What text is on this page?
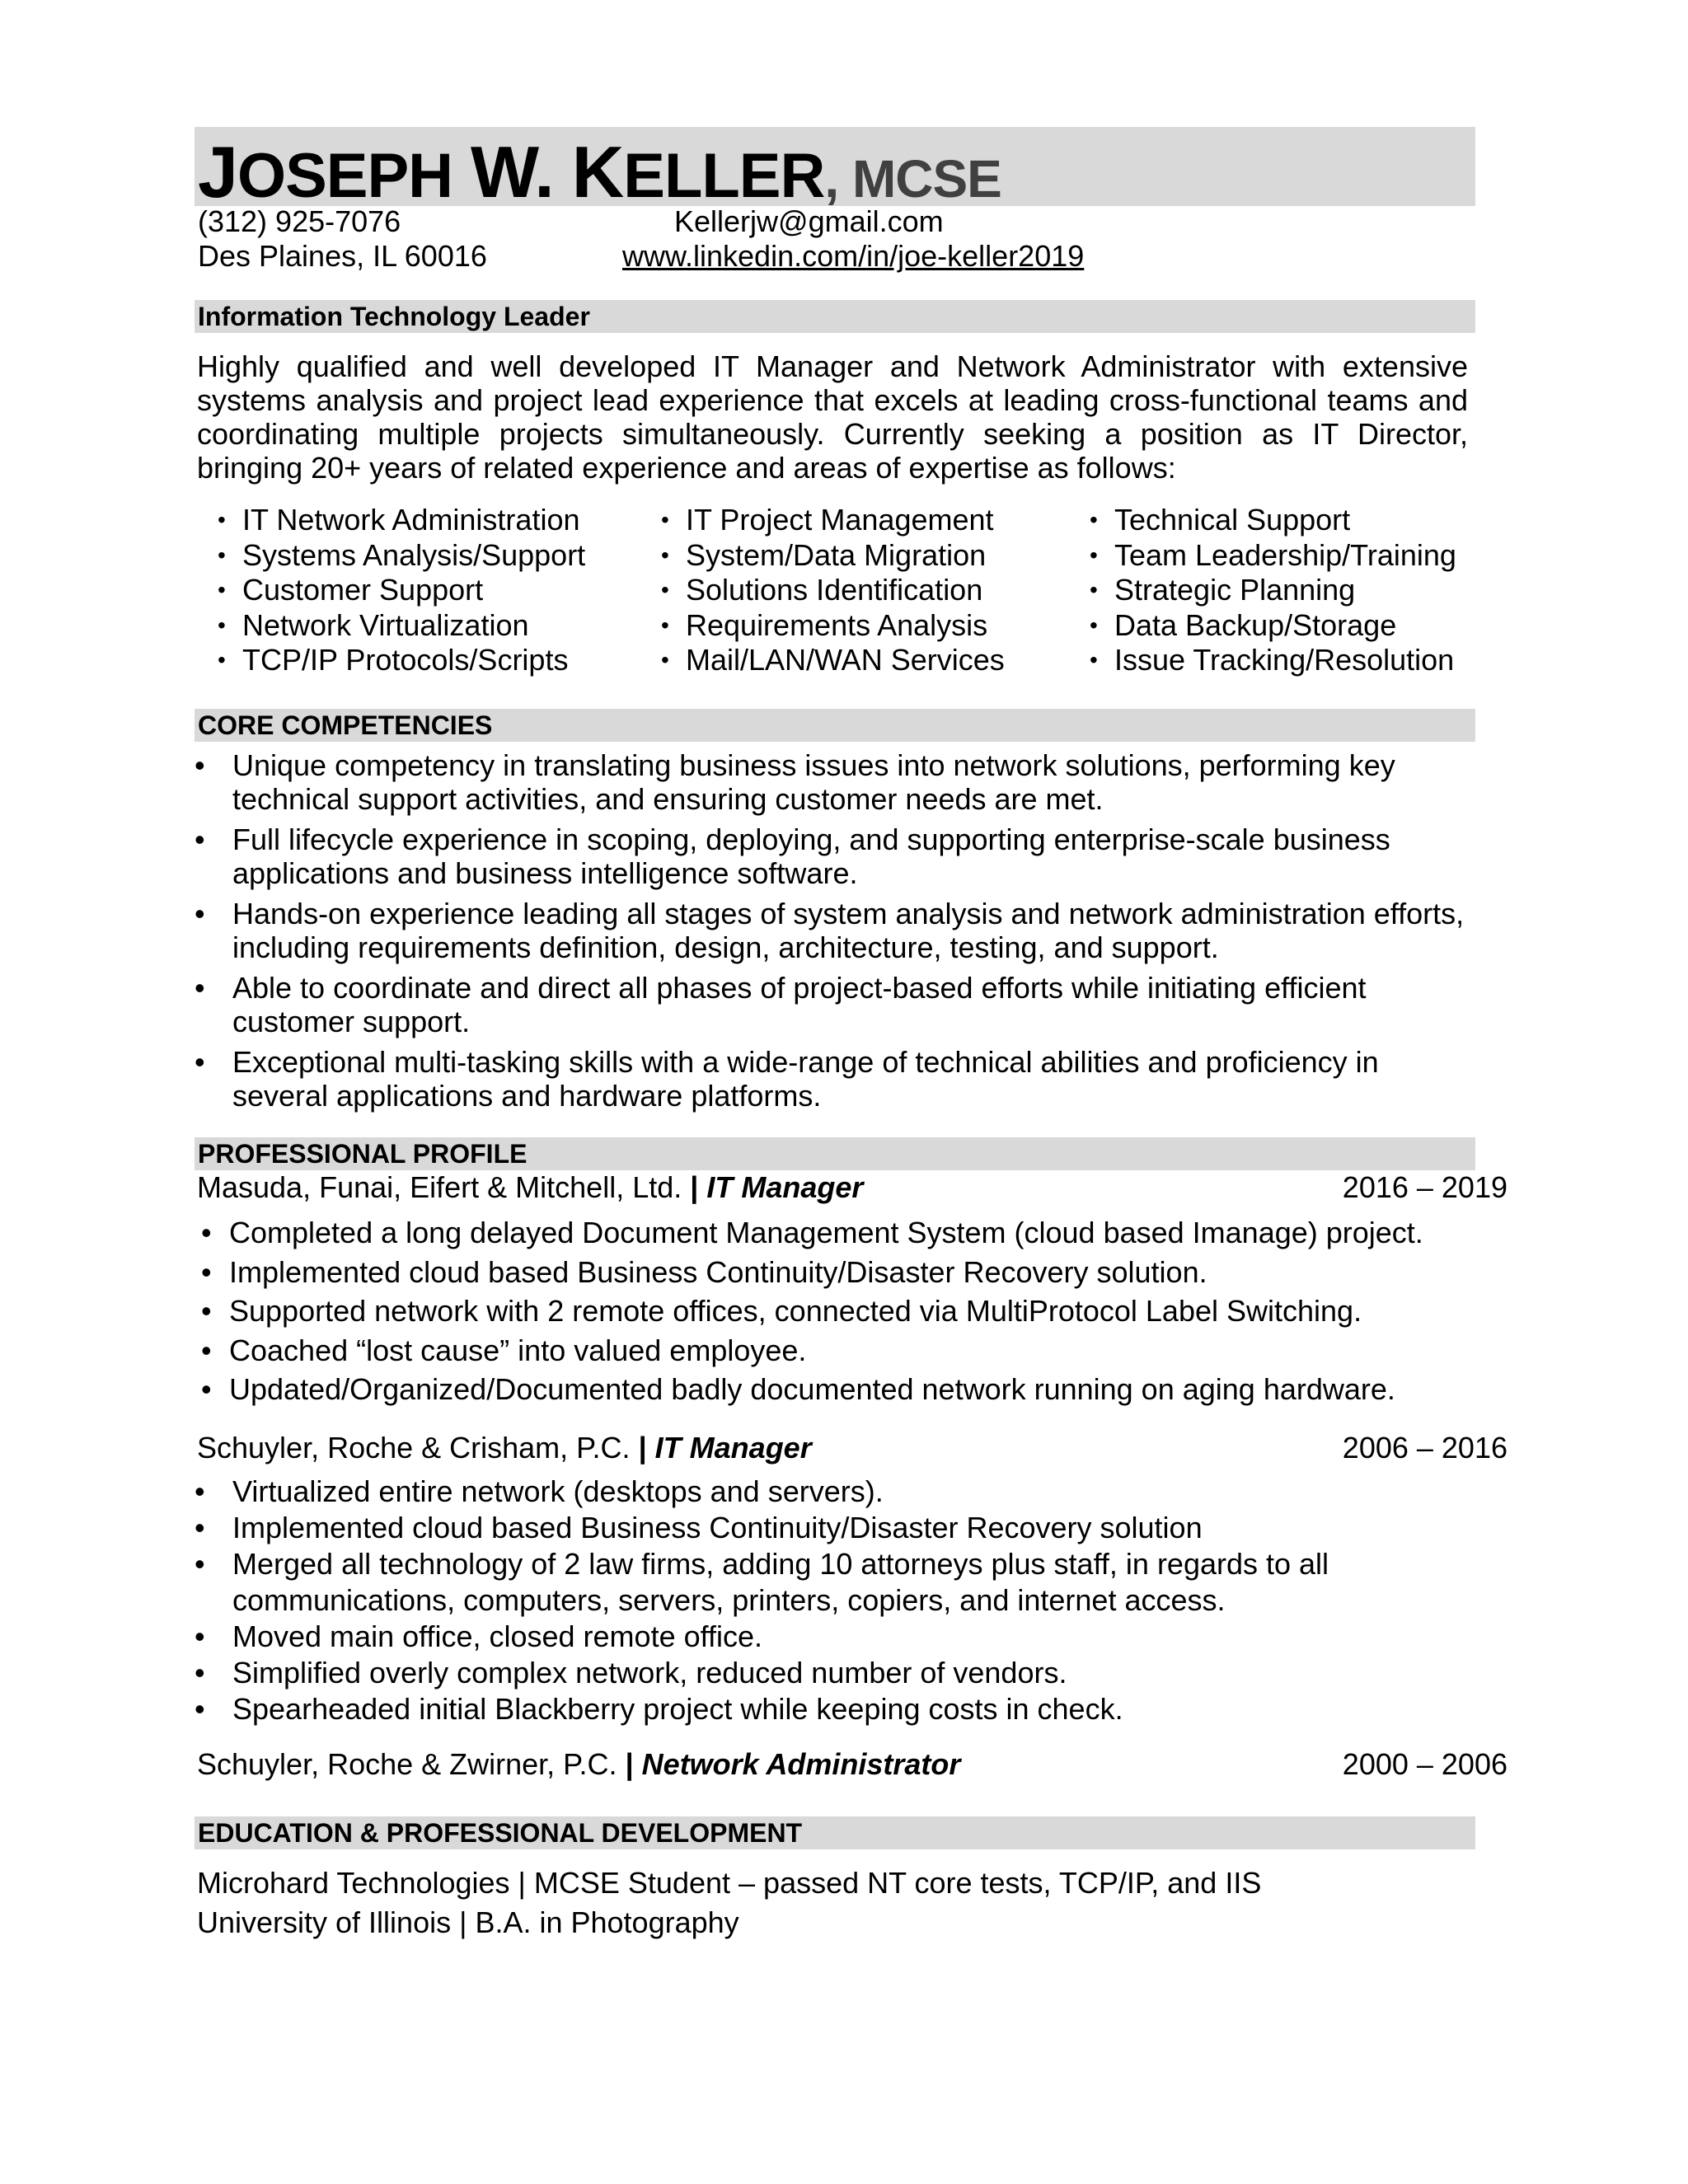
J OSEPH W. K ELLER , MCSE
(312) 925-7076	Kellerjw@gmail.com
Des Plaines, IL 60016	www.linkedin.com/in/joe-keller2019
Information Technology Leader
Highly qualified and well developed IT Manager and Network Administrator with extensive systems analysis and project lead experience that excels at leading cross-functional teams and coordinating multiple projects simultaneously. Currently seeking a position as IT Director, bringing 20+ years of related experience and areas of expertise as follows:
• IT Network Administration
• Systems Analysis/Support
• Customer Support
• Network Virtualization
• TCP/IP Protocols/Scripts
• IT Project Management
• System/Data Migration
• Solutions Identification
• Requirements Analysis
• Mail/LAN/WAN Services
• Technical Support
• Team Leadership/Training
• Strategic Planning
• Data Backup/Storage
• Issue Tracking/Resolution
CORE COMPETENCIES
• Unique competency in translating business issues into network solutions, performing key technical support activities, and ensuring customer needs are met.
• Full lifecycle experience in scoping, deploying, and supporting enterprise-scale business applications and business intelligence software.
• Hands-on experience leading all stages of system analysis and network administration efforts, including requirements definition, design, architecture, testing, and support.
• Able to coordinate and direct all phases of project-based efforts while initiating efficient customer support.
• Exceptional multi-tasking skills with a wide-range of technical abilities and proficiency in several applications and hardware platforms.
PROFESSIONAL PROFILE
Masuda, Funai, Eifert & Mitchell, Ltd. | IT Manager	2016 – 2019
• Completed a long delayed Document Management System (cloud based Imanage) project.
• Implemented cloud based Business Continuity/Disaster Recovery solution.
• Supported network with 2 remote offices, connected via MultiProtocol Label Switching.
• Coached “lost cause” into valued employee.
• Updated/Organized/Documented badly documented network running on aging hardware.
Schuyler, Roche & Crisham, P.C. | IT Manager	2006 – 2016
• Virtualized entire network (desktops and servers).
• Implemented cloud based Business Continuity/Disaster Recovery solution
• Merged all technology of 2 law firms, adding 10 attorneys plus staff, in regards to all communications, computers, servers, printers, copiers, and internet access.
• Moved main office, closed remote office.
• Simplified overly complex network, reduced number of vendors.
• Spearheaded initial Blackberry project while keeping costs in check.
Schuyler, Roche & Zwirner, P.C. | Network Administrator	2000 – 2006
EDUCATION & PROFESSIONAL DEVELOPMENT
Microhard Technologies | MCSE Student – passed NT core tests, TCP/IP, and IIS
University of Illinois | B.A. in Photography
